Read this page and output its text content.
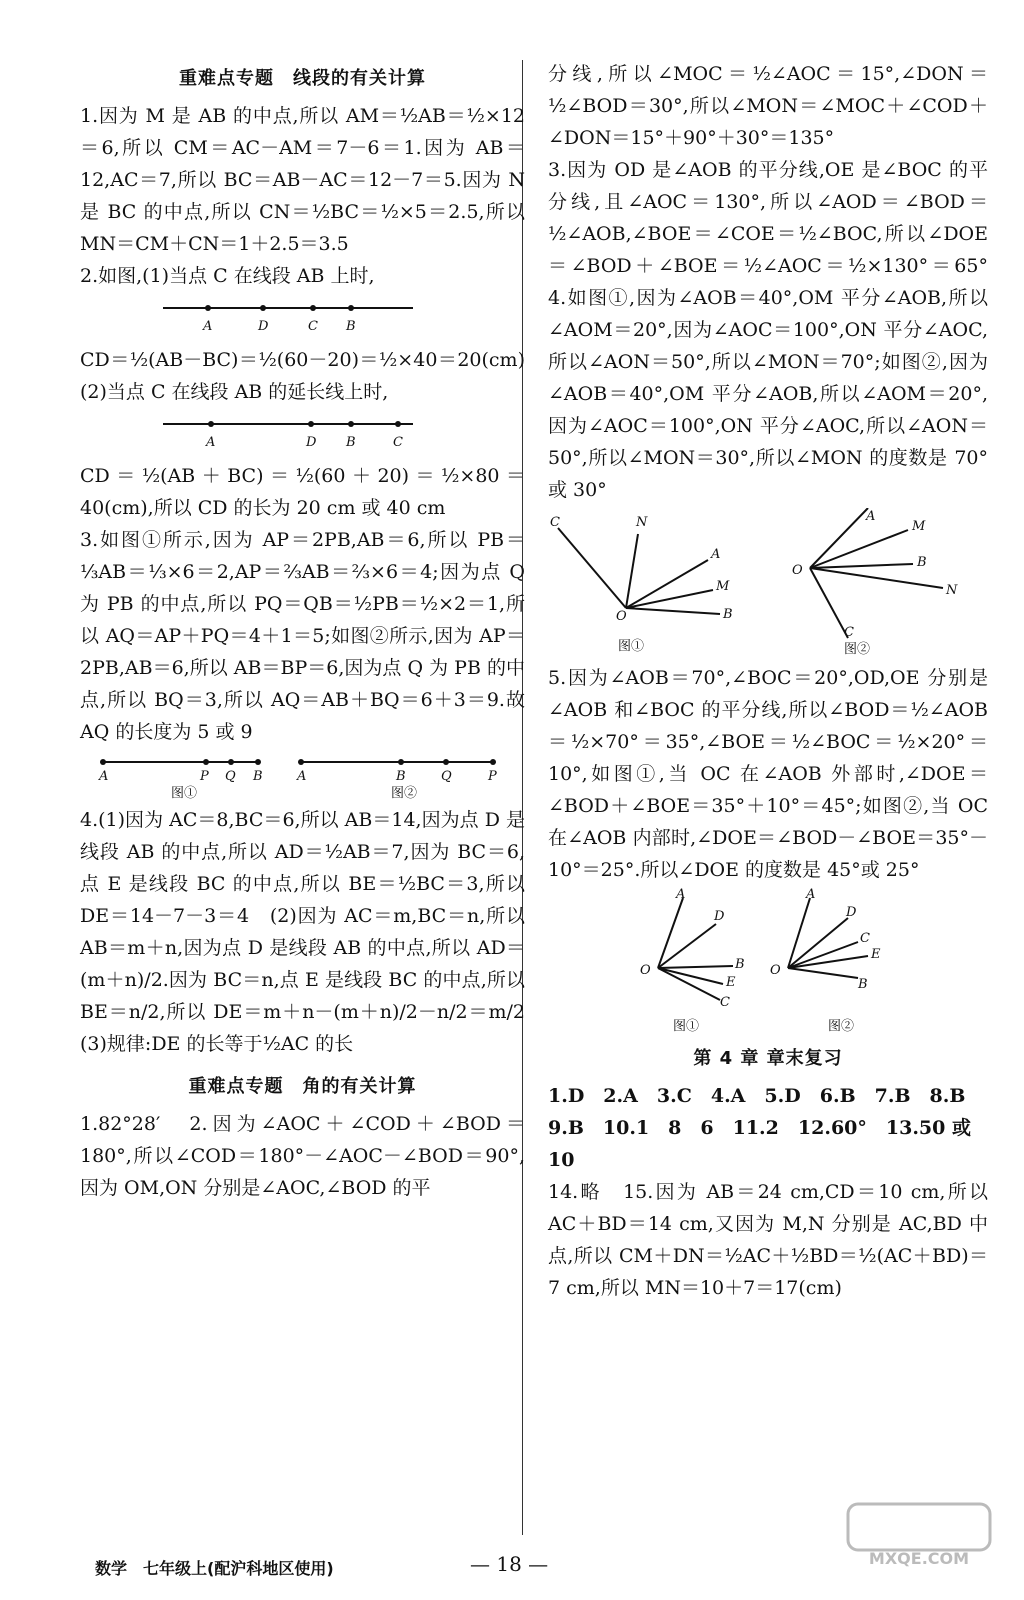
重难点专题　线段的有关计算

1.因为 M 是 AB 的中点,所以 AM＝½AB＝½×12＝6,所以 CM＝AC－AM＝7－6＝1.因为 AB＝12,AC＝7,所以 BC＝AB－AC＝12－7＝5.因为 N 是 BC 的中点,所以 CN＝½BC＝½×5＝2.5,所以 MN＝CM＋CN＝1＋2.5＝3.5

2.如图,(1)当点 C 在线段 AB 上时,

A	D	C B

CD＝½(AB－BC)＝½(60－20)＝½×40＝20(cm)　(2)当点 C 在线段 AB 的延长线上时,

A	D B	C

CD＝½(AB＋BC)＝½(60＋20)＝½×80＝40(cm),所以 CD 的长为 20 cm 或 40 cm

3.如图①所示,因为 AP＝2PB,AB＝6,所以 PB＝⅓AB＝⅓×6＝2,AP＝⅔AB＝⅔×6＝4;因为点 Q 为 PB 的中点,所以 PQ＝QB＝½PB＝½×2＝1,所以 AQ＝AP＋PQ＝4＋1＝5;如图②所示,因为 AP＝2PB,AB＝6,所以 AB＝BP＝6,因为点 Q 为 PB 的中点,所以 BQ＝3,所以 AQ＝AB＋BQ＝6＋3＝9.故 AQ 的长度为 5 或 9

A	P Q B
图①
A	B	Q	P
图②

4.(1)因为 AC＝8,BC＝6,所以 AB＝14,因为点 D 是线段 AB 的中点,所以 AD＝½AB＝7,因为 BC＝6,点 E 是线段 BC 的中点,所以 BE＝½BC＝3,所以 DE＝14－7－3＝4　(2)因为 AC＝m,BC＝n,所以 AB＝m＋n,因为点 D 是线段 AB 的中点,所以 AD＝(m＋n)/2.因为 BC＝n,点 E 是线段 BC 的中点,所以 BE＝n/2,所以 DE＝m＋n－(m＋n)/2－n/2＝m/2　(3)规律:DE 的长等于½AC 的长

重难点专题　角的有关计算

1.82°28′　2.因为∠AOC＋∠COD＋∠BOD＝180°,所以∠COD＝180°－∠AOC－∠BOD＝90°,因为 OM,ON 分别是∠AOC,∠BOD 的平

分线,所以∠MOC＝½∠AOC＝15°,∠DON＝½∠BOD＝30°,所以∠MON＝∠MOC＋∠COD＋∠DON＝15°＋90°＋30°＝135°

3.因为 OD 是∠AOB 的平分线,OE 是∠BOC 的平分线,且∠AOC＝130°,所以∠AOD＝∠BOD＝½∠AOB,∠BOE＝∠COE＝½∠BOC,所以∠DOE＝∠BOD＋∠BOE＝½∠AOC＝½×130°＝65°　4.如图①,因为∠AOB＝40°,OM 平分∠AOB,所以∠AOM＝20°,因为∠AOC＝100°,ON 平分∠AOC,所以∠AON＝50°,所以∠MON＝70°;如图②,因为∠AOB＝40°,OM 平分∠AOB,所以∠AOM＝20°,因为∠AOC＝100°,ON 平分∠AOC,所以∠AON＝50°,所以∠MON＝30°,所以∠MON 的度数是 70°或 30°

C	N
A
M
O	B
图①
A
M
B
N
O
C
图②

5.因为∠AOB＝70°,∠BOC＝20°,OD,OE 分别是∠AOB 和∠BOC 的平分线,所以∠BOD＝½∠AOB＝½×70°＝35°,∠BOE＝½∠BOC＝½×20°＝10°,如图①,当 OC 在∠AOB 外部时,∠DOE＝∠BOD＋∠BOE＝35°＋10°＝45°;如图②,当 OC 在∠AOB 内部时,∠DOE＝∠BOD－∠BOE＝35°－10°＝25°.所以∠DOE 的度数是 45°或 25°

A
D
O	B
E
C
图①
A
D
C
E
O
B
图②
第 4 章 章末复习

1.D　2.A　3.C　4.A　5.D　6.B　7.B　8.B

9.B　10.1　8　6　11.2　12.60°　13.50 或 10

14.略　15.因为 AB＝24 cm,CD＝10 cm,所以 AC＋BD＝14 cm,又因为 M,N 分别是 AC,BD 中点,所以 CM＋DN＝½AC＋½BD＝½(AC＋BD)＝7 cm,所以 MN＝10＋7＝17(cm)

数学　七年级上(配沪科地区使用)	— 18 —	MXQE.COM
